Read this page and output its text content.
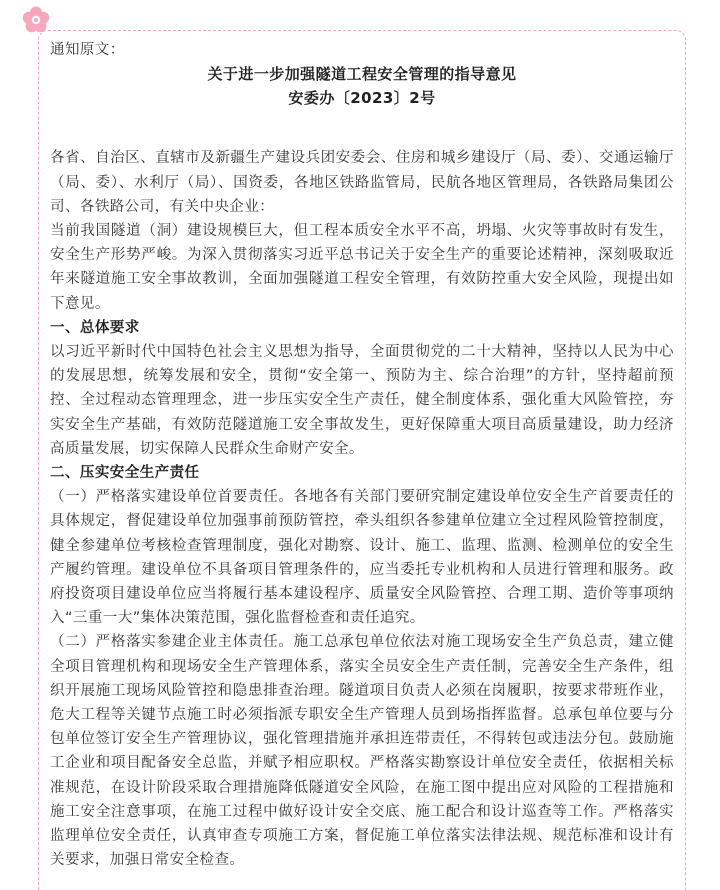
通知原文：

关于进一步加强隧道工程安全管理的指导意见

安委办〔2023〕2号

各省、自治区、直辖市及新疆生产建设兵团安委会、住房和城乡建设厅（局、委）、交通运输厅（局、委）、水利厅（局）、国资委，各地区铁路监管局，民航各地区管理局，各铁路局集团公司、各铁路公司，有关中央企业：

当前我国隧道（洞）建设规模巨大，但工程本质安全水平不高，坍塌、火灾等事故时有发生，安全生产形势严峻。为深入贯彻落实习近平总书记关于安全生产的重要论述精神，深刻吸取近年来隧道施工安全事故教训，全面加强隧道工程安全管理，有效防控重大安全风险，现提出如下意见。

一、总体要求

以习近平新时代中国特色社会主义思想为指导，全面贯彻党的二十大精神，坚持以人民为中心的发展思想，统筹发展和安全，贯彻“安全第一、预防为主、综合治理”的方针，坚持超前预控、全过程动态管理理念，进一步压实安全生产责任，健全制度体系，强化重大风险管控，夯实安全生产基础，有效防范隧道施工安全事故发生，更好保障重大项目高质量建设，助力经济高质量发展，切实保障人民群众生命财产安全。

二、压实安全生产责任

（一）严格落实建设单位首要责任。各地各有关部门要研究制定建设单位安全生产首要责任的具体规定，督促建设单位加强事前预防管控，牵头组织各参建单位建立全过程风险管控制度，健全参建单位考核检查管理制度，强化对勘察、设计、施工、监理、监测、检测单位的安全生产履约管理。建设单位不具备项目管理条件的，应当委托专业机构和人员进行管理和服务。政府投资项目建设单位应当将履行基本建设程序、质量安全风险管控、合理工期、造价等事项纳入“三重一大”集体决策范围，强化监督检查和责任追究。

（二）严格落实参建企业主体责任。施工总承包单位依法对施工现场安全生产负总责，建立健全项目管理机构和现场安全生产管理体系，落实全员安全生产责任制，完善安全生产条件，组织开展施工现场风险管控和隐患排查治理。隧道项目负责人必须在岗履职，按要求带班作业，危大工程等关键节点施工时必须指派专职安全生产管理人员到场指挥监督。总承包单位要与分包单位签订安全生产管理协议，强化管理措施并承担连带责任，不得转包或违法分包。鼓励施工企业和项目配备安全总监，并赋予相应职权。严格落实勘察设计单位安全责任，依据相关标准规范，在设计阶段采取合理措施降低隧道安全风险，在施工图中提出应对风险的工程措施和施工安全注意事项，在施工过程中做好设计安全交底、施工配合和设计巡查等工作。严格落实监理单位安全责任，认真审查专项施工方案，督促施工单位落实法律法规、规范标准和设计有关要求，加强日常安全检查。
